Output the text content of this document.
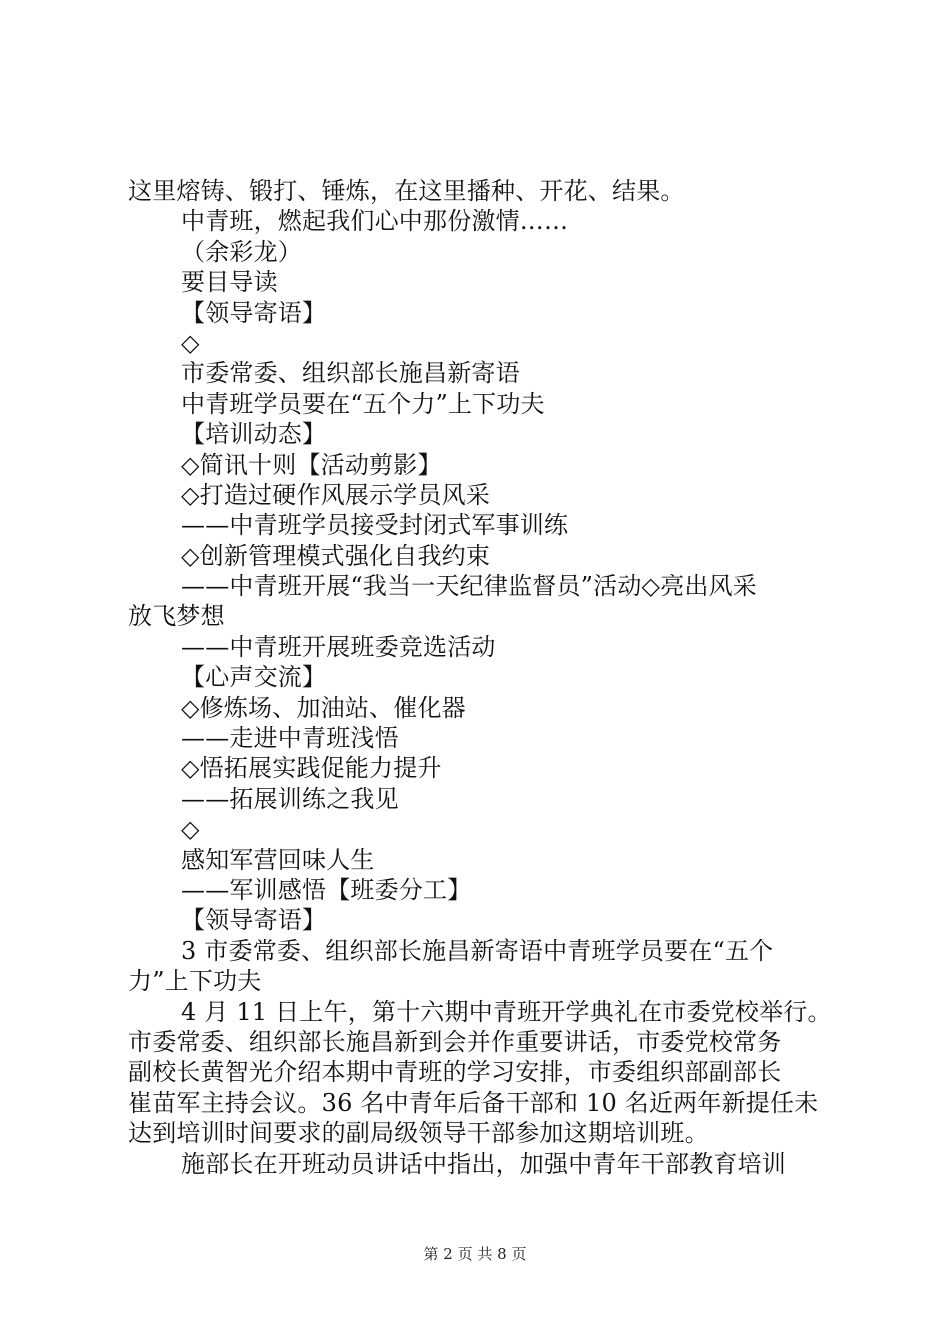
这里熔铸、锻打、锤炼，在这里播种、开花、结果。
中青班，燃起我们心中那份激情……
（余彩龙）
要目导读
【领导寄语】
◇
市委常委、组织部长施昌新寄语
中青班学员要在“五个力”上下功夫
【培训动态】
◇简讯十则【活动剪影】
◇打造过硬作风展示学员风采
——中青班学员接受封闭式军事训练
◇创新管理模式强化自我约束
——中青班开展“我当一天纪律监督员”活动◇亮出风采
放飞梦想
——中青班开展班委竞选活动
【心声交流】
◇修炼场、加油站、催化器
——走进中青班浅悟
◇悟拓展实践促能力提升
——拓展训练之我见
◇
感知军营回味人生
——军训感悟【班委分工】
【领导寄语】
3 市委常委、组织部长施昌新寄语中青班学员要在“五个
力”上下功夫
4 月 11 日上午，第十六期中青班开学典礼在市委党校举行。
市委常委、组织部长施昌新到会并作重要讲话，市委党校常务
副校长黄智光介绍本期中青班的学习安排，市委组织部副部长
崔苗军主持会议。36 名中青年后备干部和 10 名近两年新提任未
达到培训时间要求的副局级领导干部参加这期培训班。
施部长在开班动员讲话中指出，加强中青年干部教育培训
第 2 页 共 8 页
